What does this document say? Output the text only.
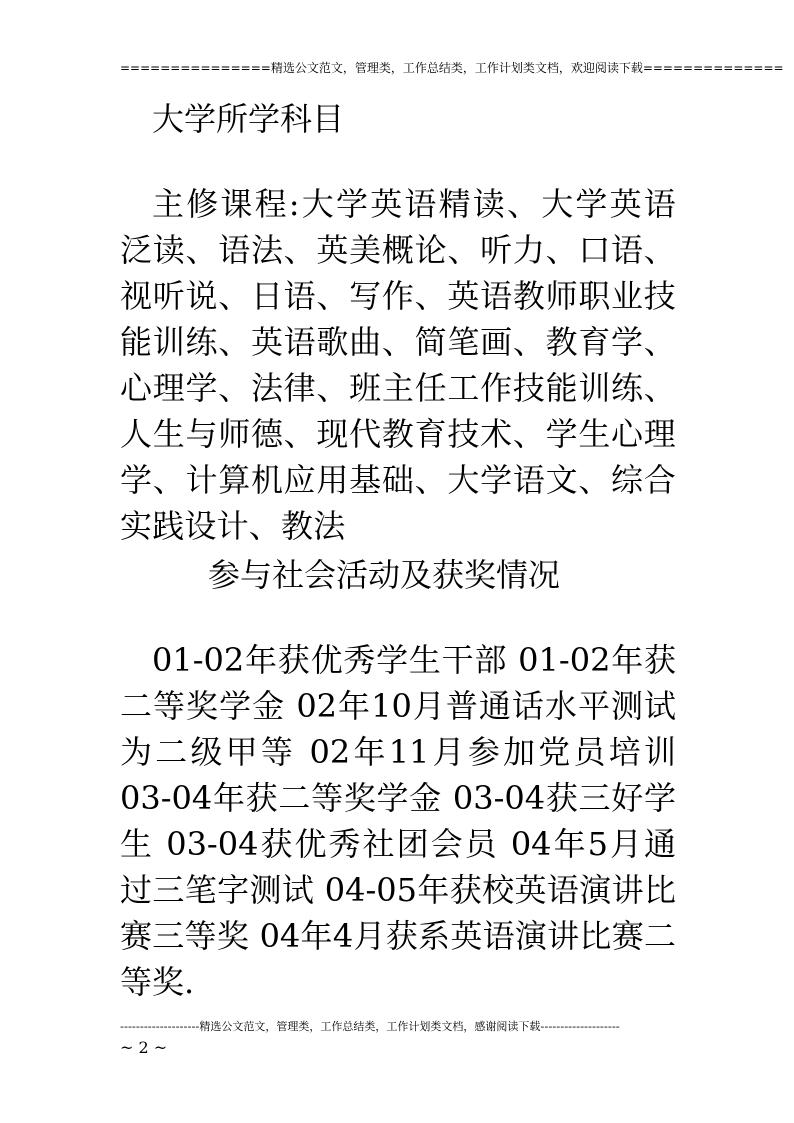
===============精选公文范文，管理类，工作总结类，工作计划类文档，欢迎阅读下载==============
大学所学科目
主修课程:大学英语精读、大学英语泛读、语法、英美概论、听力、口语、视听说、日语、写作、英语教师职业技能训练、英语歌曲、简笔画、教育学、心理学、法律、班主任工作技能训练、人生与师德、现代教育技术、学生心理学、计算机应用基础、大学语文、综合实践设计、教法
参与社会活动及获奖情况
01-02年获优秀学生干部 01-02年获二等奖学金 02年10月普通话水平测试为二级甲等 02年11月参加党员培训 03-04年获二等奖学金 03-04获三好学生 03-04获优秀社团会员 04年5月通过三笔字测试 04-05年获校英语演讲比赛三等奖 04年4月获系英语演讲比赛二等奖.
--------------------精选公文范文，管理类，工作总结类，工作计划类文档，感谢阅读下载--------------------
~ 2 ~
